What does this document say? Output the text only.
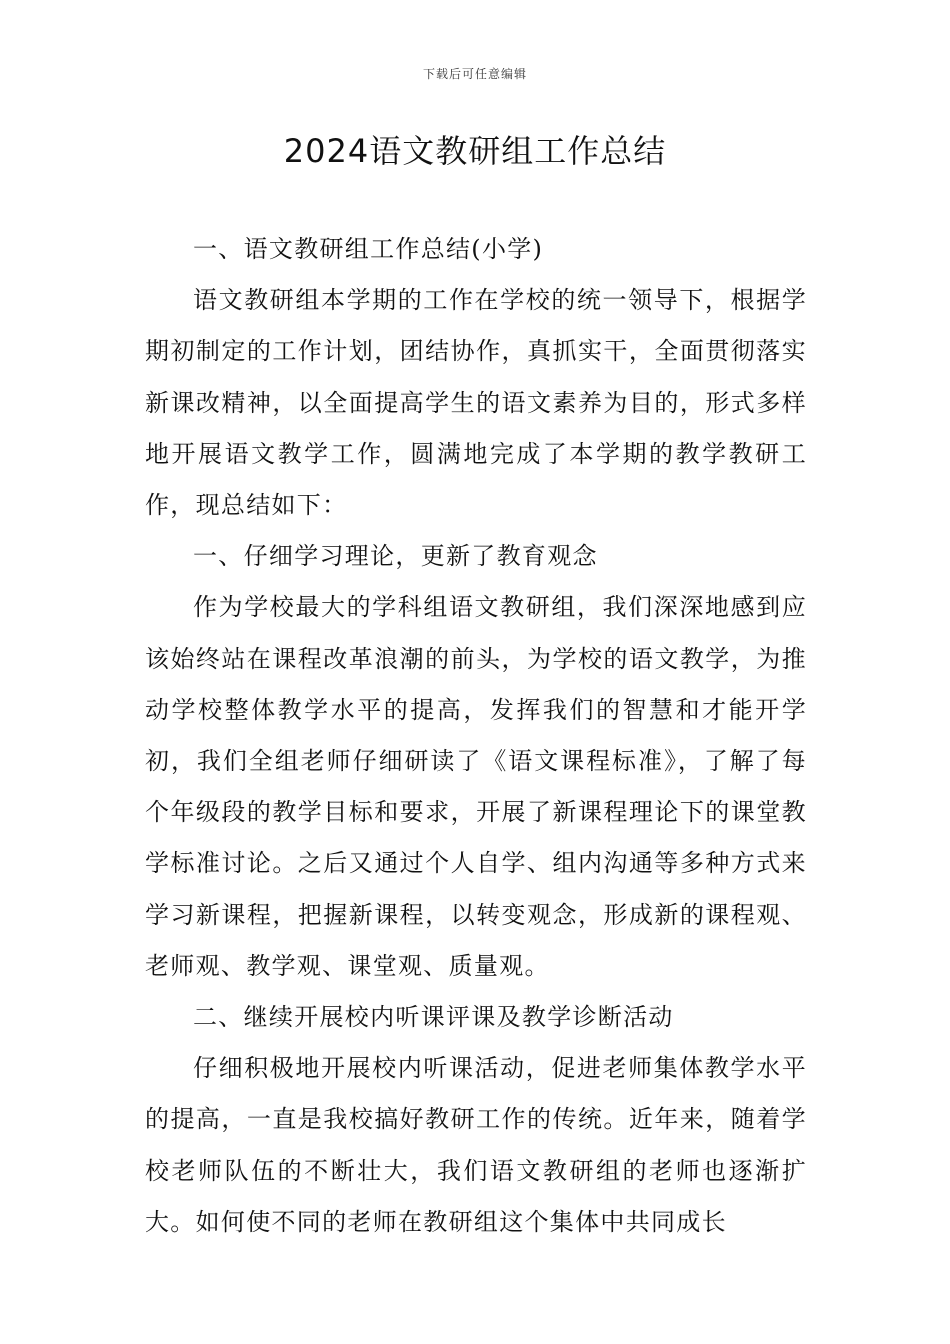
下载后可任意编辑
2024语文教研组工作总结

一、语文教研组工作总结(小学)

语文教研组本学期的工作在学校的统一领导下，根据学期初制定的工作计划，团结协作，真抓实干，全面贯彻落实新课改精神，以全面提高学生的语文素养为目的，形式多样地开展语文教学工作，圆满地完成了本学期的教学教研工作，现总结如下：

一、仔细学习理论，更新了教育观念

作为学校最大的学科组语文教研组，我们深深地感到应该始终站在课程改革浪潮的前头，为学校的语文教学，为推动学校整体教学水平的提高，发挥我们的智慧和才能开学初，我们全组老师仔细研读了《语文课程标准》，了解了每个年级段的教学目标和要求，开展了新课程理论下的课堂教学标准讨论。之后又通过个人自学、组内沟通等多种方式来学习新课程，把握新课程，以转变观念，形成新的课程观、老师观、教学观、课堂观、质量观。

二、继续开展校内听课评课及教学诊断活动

仔细积极地开展校内听课活动，促进老师集体教学水平的提高，一直是我校搞好教研工作的传统。近年来，随着学校老师队伍的不断壮大，我们语文教研组的老师也逐渐扩大。如何使不同的老师在教研组这个集体中共同成长
